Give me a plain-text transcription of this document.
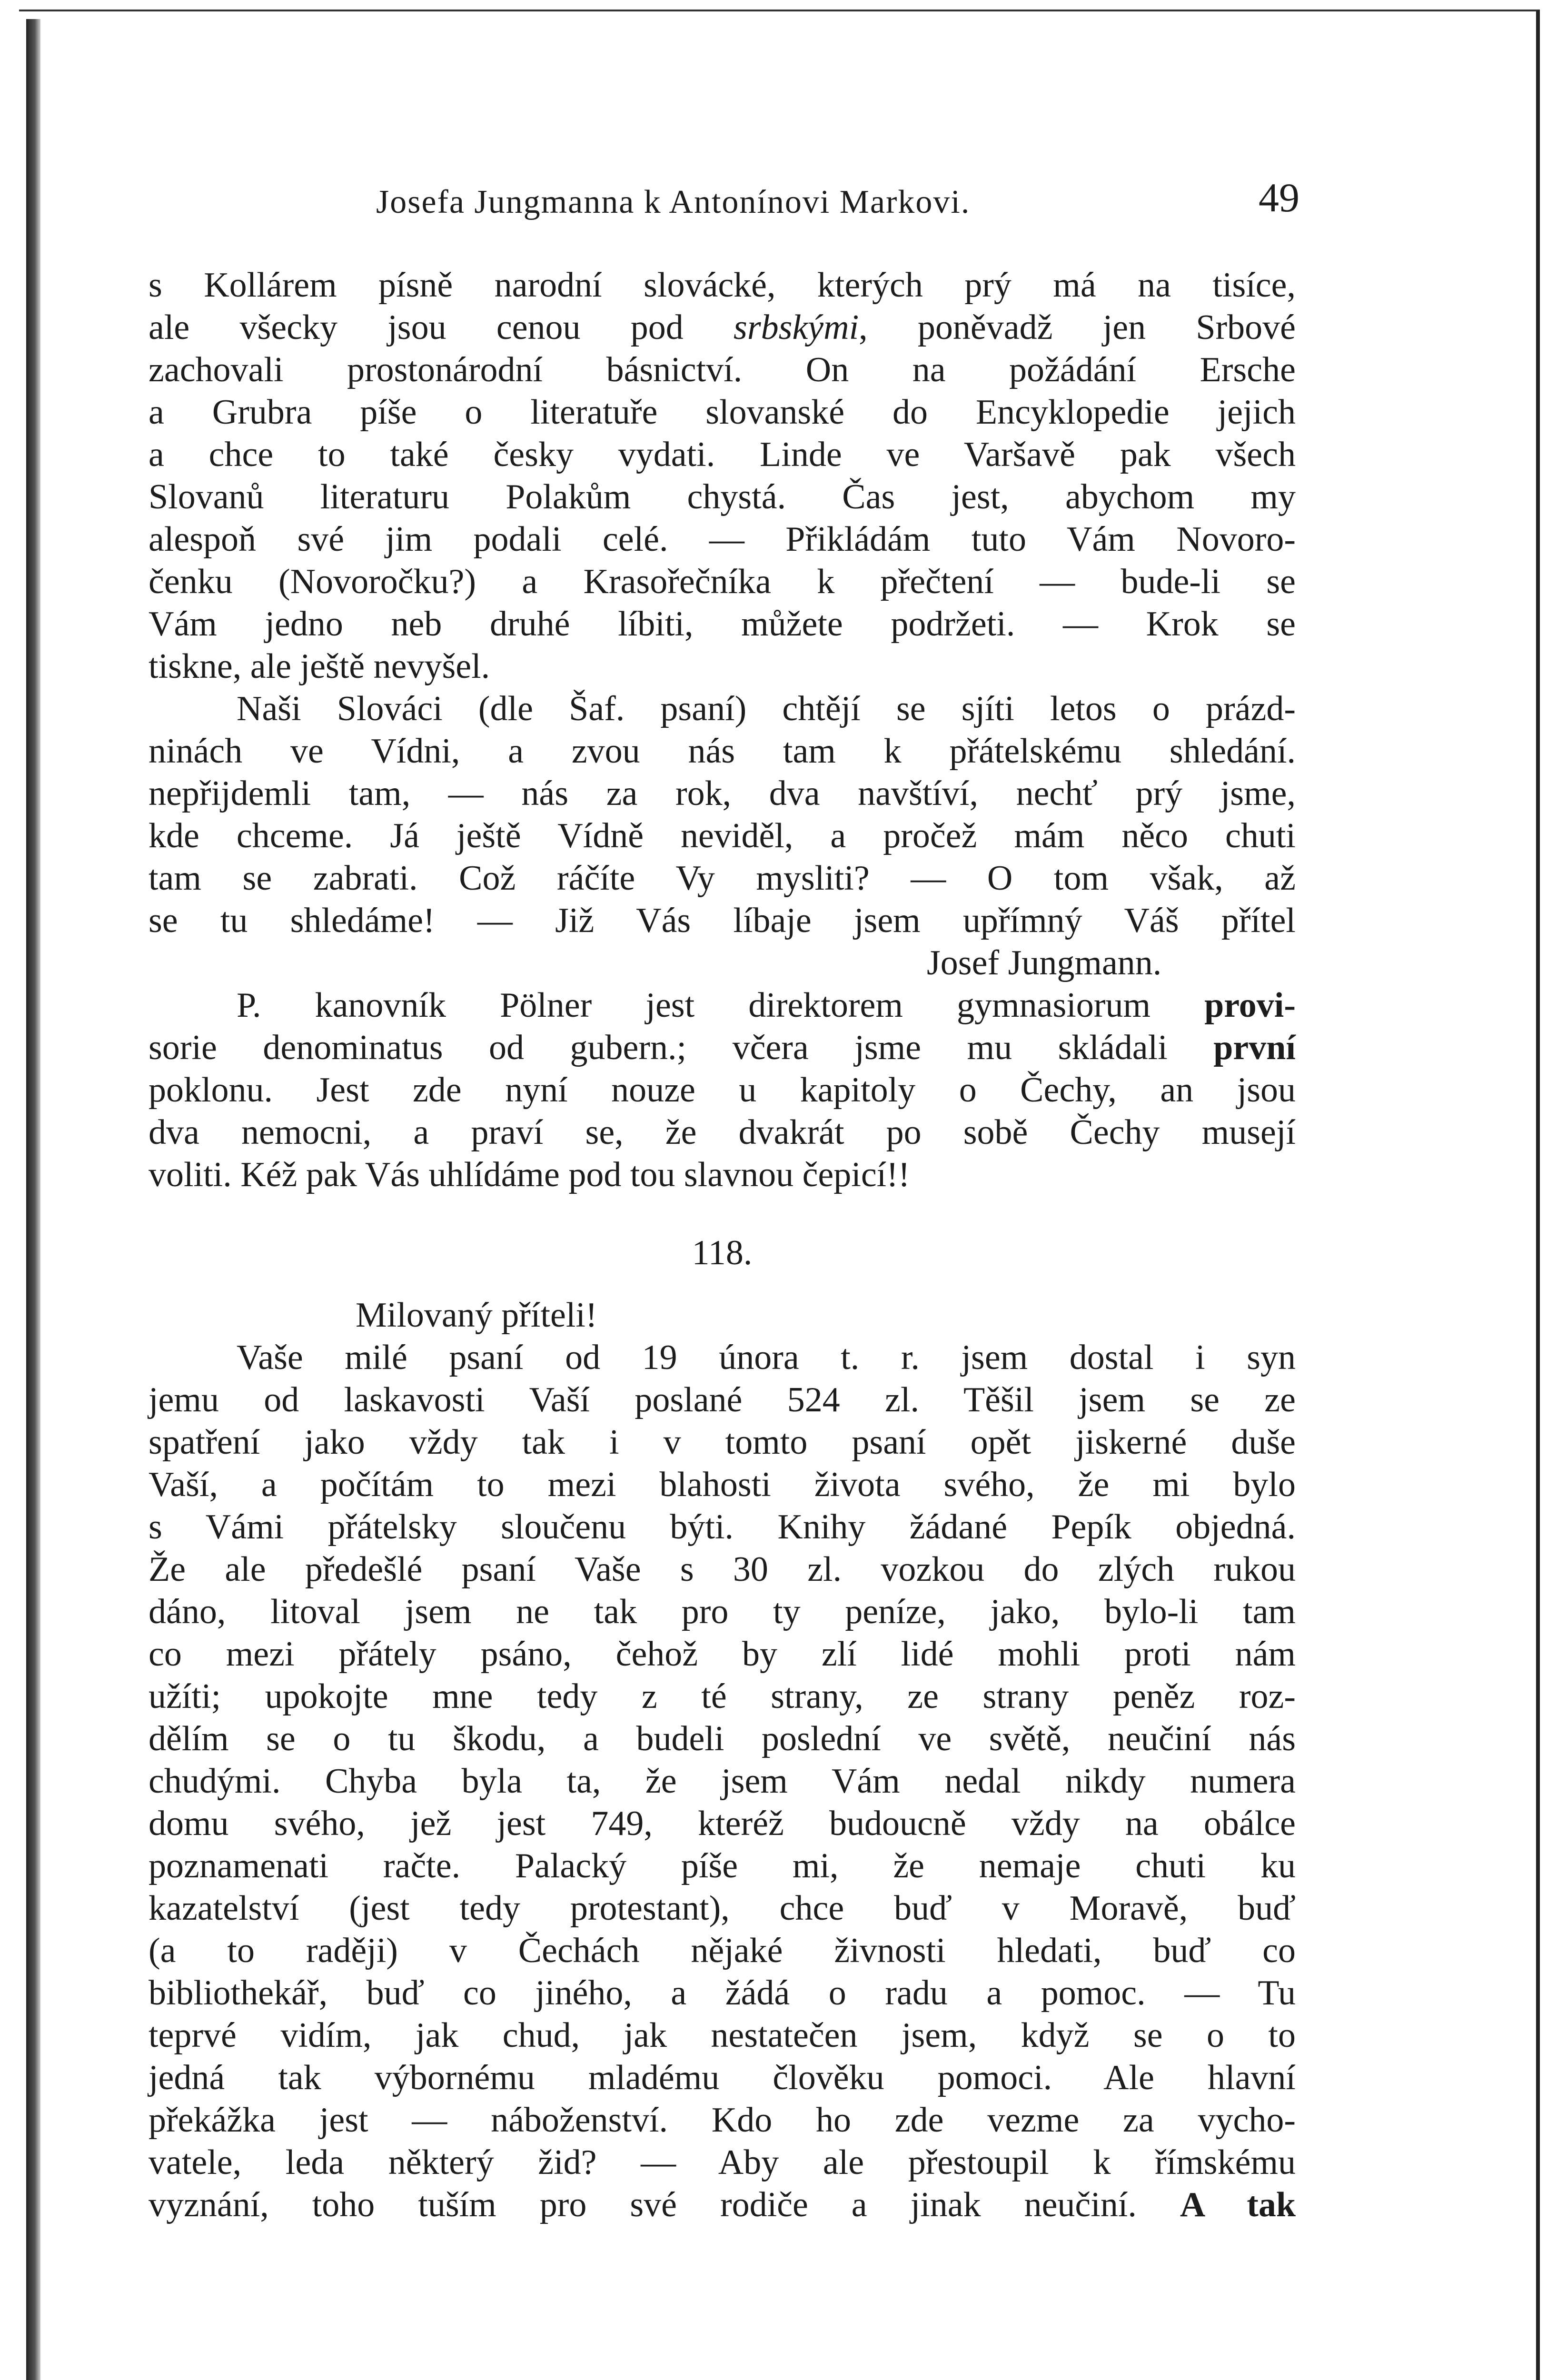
Josefa Jungmanna k Antonínovi Markovi.	49
s Kollárem písně narodní slovácké, kterých prý má na tisíce,
ale všecky jsou cenou pod srbskými, poněvadž jen Srbové
zachovali prostonárodní básnictví. On na požádání Ersche
a Grubra píše o literatuře slovanské do Encyklopedie jejich
a chce to také česky vydati. Linde ve Varšavě pak všech
Slovanů literaturu Polakům chystá. Čas jest, abychom my
alespoň své jim podali celé. — Přikládám tuto Vám Novoro-
čenku (Novoročku?) a Krasořečníka k přečtení — bude-li se
Vám jedno neb druhé líbiti, můžete podržeti. — Krok se
tiskne, ale ještě nevyšel.
Naši Slováci (dle Šaf. psaní) chtějí se sjíti letos o prázd-
ninách ve Vídni, a zvou nás tam k přátelskému shledání.
nepřijdemli tam, — nás za rok, dva navštíví, nechť prý jsme,
kde chceme. Já ještě Vídně neviděl, a pročež mám něco chuti
tam se zabrati. Což ráčíte Vy mysliti? — O tom však, až
se tu shledáme! — Již Vás líbaje jsem upřímný Váš přítel
Josef Jungmann.
P. kanovník Pölner jest direktorem gymnasiorum provi-
sorie denominatus od gubern.; včera jsme mu skládali první
poklonu. Jest zde nyní nouze u kapitoly o Čechy, an jsou
dva nemocni, a praví se, že dvakrát po sobě Čechy musejí
voliti. Kéž pak Vás uhlídáme pod tou slavnou čepicí!!
118.
Milovaný příteli!
Vaše milé psaní od 19 února t. r. jsem dostal i syn
jemu od laskavosti Vaší poslané 524 zl. Těšil jsem se ze
spatření jako vždy tak i v tomto psaní opět jiskerné duše
Vaší, a počítám to mezi blahosti života svého, že mi bylo
s Vámi přátelsky sloučenu býti. Knihy žádané Pepík objedná.
Že ale předešlé psaní Vaše s 30 zl. vozkou do zlých rukou
dáno, litoval jsem ne tak pro ty peníze, jako, bylo-li tam
co mezi přátely psáno, čehož by zlí lidé mohli proti nám
užíti; upokojte mne tedy z té strany, ze strany peněz roz-
dělím se o tu škodu, a budeli poslední ve světě, neučiní nás
chudými. Chyba byla ta, že jsem Vám nedal nikdy numera
domu svého, jež jest 749, kteréž budoucně vždy na obálce
poznamenati račte. Palacký píše mi, že nemaje chuti ku
kazatelství (jest tedy protestant), chce buď v Moravě, buď
(a to raději) v Čechách nějaké živnosti hledati, buď co
bibliothekář, buď co jiného, a žádá o radu a pomoc. — Tu
teprvé vidím, jak chud, jak nestatečen jsem, když se o to
jedná tak výbornému mladému člověku pomoci. Ale hlavní
překážka jest — náboženství. Kdo ho zde vezme za vycho-
vatele, leda některý žid? — Aby ale přestoupil k římskému
vyznání, toho tuším pro své rodiče a jinak neučiní. A tak
